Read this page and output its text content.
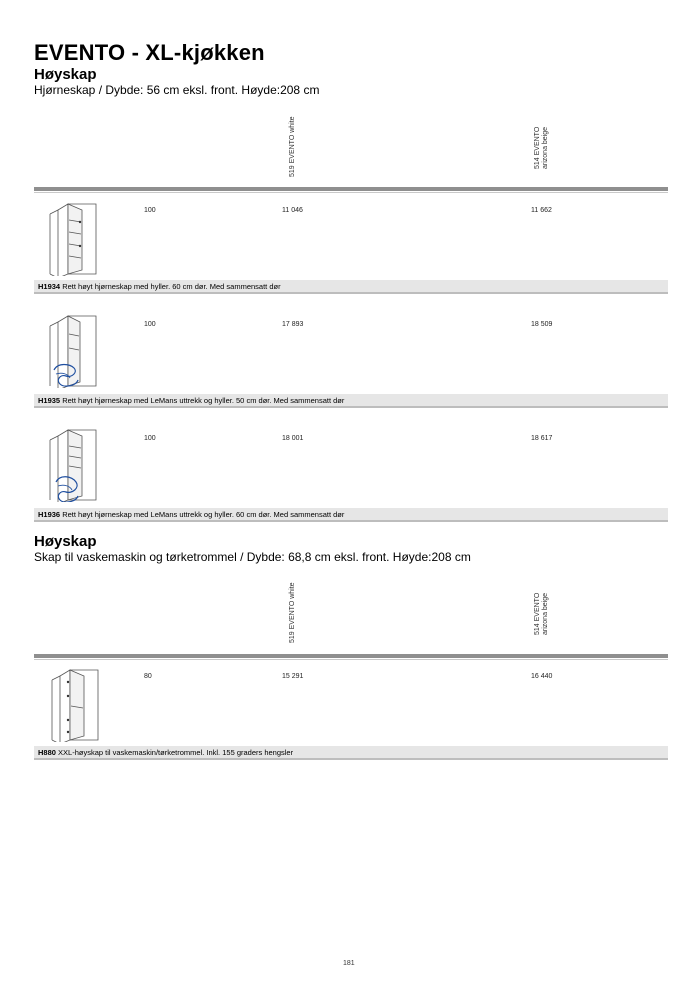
EVENTO - XL-kjøkken
Høyskap
Hjørneskap / Dybde: 56 cm eksl. front. Høyde:208 cm
519 EVENTO white	514 EVENTO arizona beige
100	11 046	11 662
H1934 Rett høyt hjørneskap med hyller. 60 cm dør. Med sammensatt dør
100	17 893	18 509
H1935 Rett høyt hjørneskap med LeMans uttrekk og hyller. 50 cm dør. Med sammensatt dør
100	18 001	18 617
H1936 Rett høyt hjørneskap med LeMans uttrekk og hyller. 60 cm dør. Med sammensatt dør
Høyskap
Skap til vaskemaskin og tørketrommel / Dybde: 68,8 cm eksl. front. Høyde:208 cm
519 EVENTO white	514 EVENTO arizona beige
80	15 291	16 440
H880 XXL-høyskap til vaskemaskin/tørketrommel. Inkl. 155 graders hengsler
181
